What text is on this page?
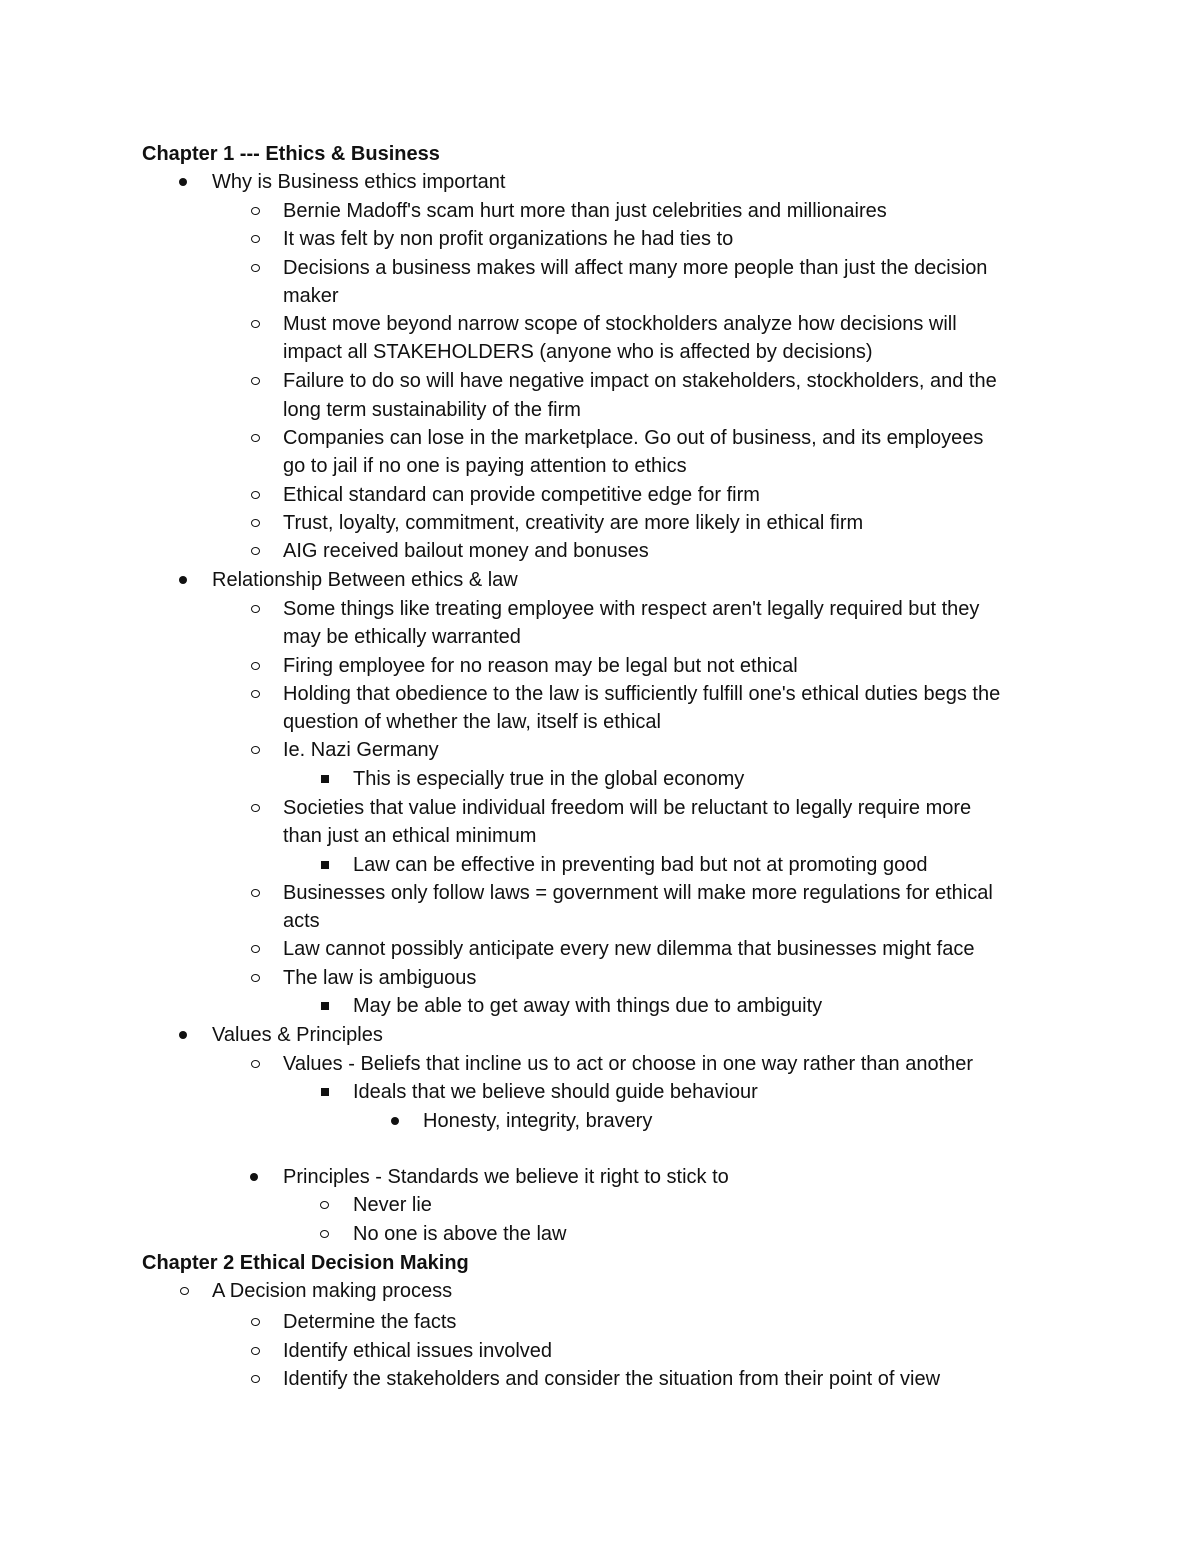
Chapter 1 --- Ethics & Business
Why is Business ethics important
Bernie Madoff's scam hurt more than just celebrities and millionaires
It was felt by non profit organizations he had ties to
Decisions a business makes will affect many more people than just the decision
maker
Must move beyond narrow scope of stockholders analyze how decisions will
impact all STAKEHOLDERS (anyone who is affected by decisions)
Failure to do so will have negative impact on stakeholders, stockholders, and the
long term sustainability of the firm
Companies can lose in the marketplace. Go out of business, and its employees
go to jail if no one is paying attention to ethics
Ethical standard can provide competitive edge for firm
Trust, loyalty, commitment, creativity are more likely in ethical firm
AIG received bailout money and bonuses
Relationship Between ethics & law
Some things like treating employee with respect aren't legally required but they
may be ethically warranted
Firing employee for no reason may be legal but not ethical
Holding that obedience to the law is sufficiently fulfill one's ethical duties begs the
question of whether the law, itself is ethical
Ie. Nazi Germany
This is especially true in the global economy
Societies that value individual freedom will be reluctant to legally require more
than just an ethical minimum
Law can be effective in preventing bad but not at promoting good
Businesses only follow laws = government will make more regulations for ethical
acts
Law cannot possibly anticipate every new dilemma that businesses might face
The law is ambiguous
May be able to get away with things due to ambiguity
Values & Principles
Values - Beliefs that incline us to act or choose in one way rather than another
Ideals that we believe should guide behaviour
Honesty, integrity, bravery
Principles - Standards we believe it right to stick to
Never lie
No one is above the law
Chapter 2 Ethical Decision Making
A Decision making process
Determine the facts
Identify ethical issues involved
Identify the stakeholders and consider the situation from their point of view
